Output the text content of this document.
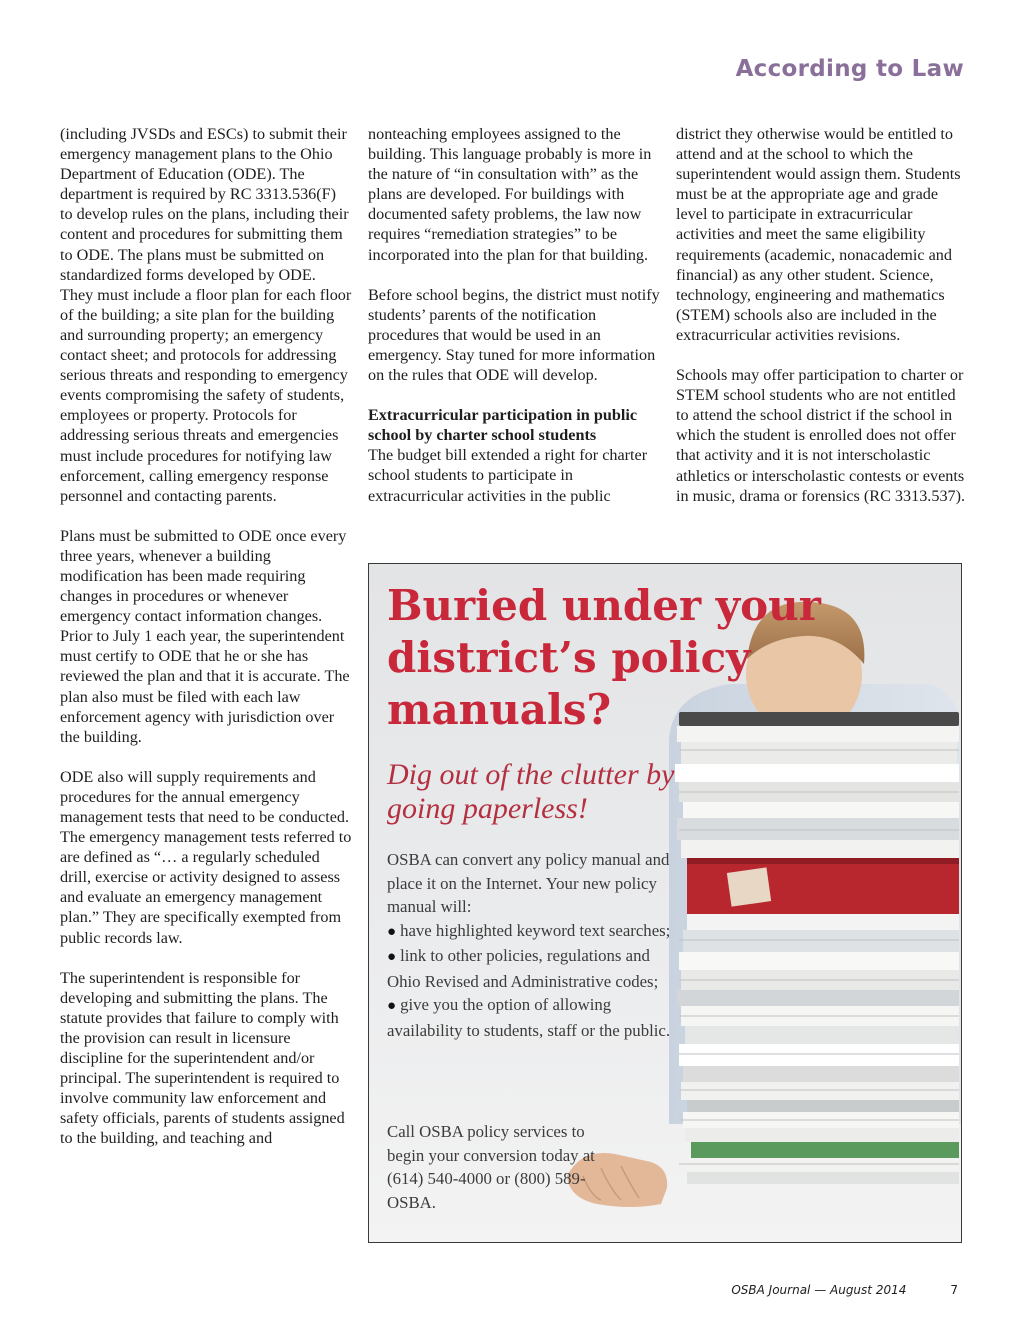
According to Law

(including JVSDs and ESCs) to submit their emergency management plans to the Ohio Department of Education (ODE). The department is required by RC 3313.536(F) to develop rules on the plans, including their content and procedures for submitting them to ODE. The plans must be submitted on standardized forms developed by ODE. They must include a floor plan for each floor of the building; a site plan for the building and surrounding property; an emergency contact sheet; and protocols for addressing serious threats and responding to emergency events compromising the safety of students, employees or property. Protocols for addressing serious threats and emergencies must include procedures for notifying law enforcement, calling emergency response personnel and contacting parents.

Plans must be submitted to ODE once every three years, whenever a building modification has been made requiring changes in procedures or whenever emergency contact information changes. Prior to July 1 each year, the superintendent must certify to ODE that he or she has reviewed the plan and that it is accurate. The plan also must be filed with each law enforcement agency with jurisdiction over the building.

ODE also will supply requirements and procedures for the annual emergency management tests that need to be conducted. The emergency management tests referred to are defined as “… a regularly scheduled drill, exercise or activity designed to assess and evaluate an emergency management plan.” They are specifically exempted from public records law.

The superintendent is responsible for developing and submitting the plans. The statute provides that failure to comply with the provision can result in licensure discipline for the superintendent and/or principal. The superintendent is required to involve community law enforcement and safety officials, parents of students assigned to the building, and teaching and

nonteaching employees assigned to the building. This language probably is more in the nature of “in consultation with” as the plans are developed. For buildings with documented safety problems, the law now requires “remediation strategies” to be incorporated into the plan for that building.

Before school begins, the district must notify students’ parents of the notification procedures that would be used in an emergency. Stay tuned for more information on the rules that ODE will develop.

Extracurricular participation in public school by charter school students

The budget bill extended a right for charter school students to participate in extracurricular activities in the public

district they otherwise would be entitled to attend and at the school to which the superintendent would assign them. Students must be at the appropriate age and grade level to participate in extracurricular activities and meet the same eligibility requirements (academic, nonacademic and financial) as any other student. Science, technology, engineering and mathematics (STEM) schools also are included in the extracurricular activities revisions.

Schools may offer participation to charter or STEM school students who are not entitled to attend the school district if the school in which the student is enrolled does not offer that activity and it is not interscholastic athletics or interscholastic contests or events in music, drama or forensics (RC 3313.537).

Buried under your district’s policy manuals?
Dig out of the clutter by going paperless!
OSBA can convert any policy manual and place it on the Internet. Your new policy manual will:
● have highlighted keyword text searches;
● link to other policies, regulations and Ohio Revised and Administrative codes;
● give you the option of allowing availability to students, staff or the public.
Call OSBA policy services to begin your conversion today at (614) 540-4000 or (800) 589-OSBA.
OSBA Journal — August 2014	7
